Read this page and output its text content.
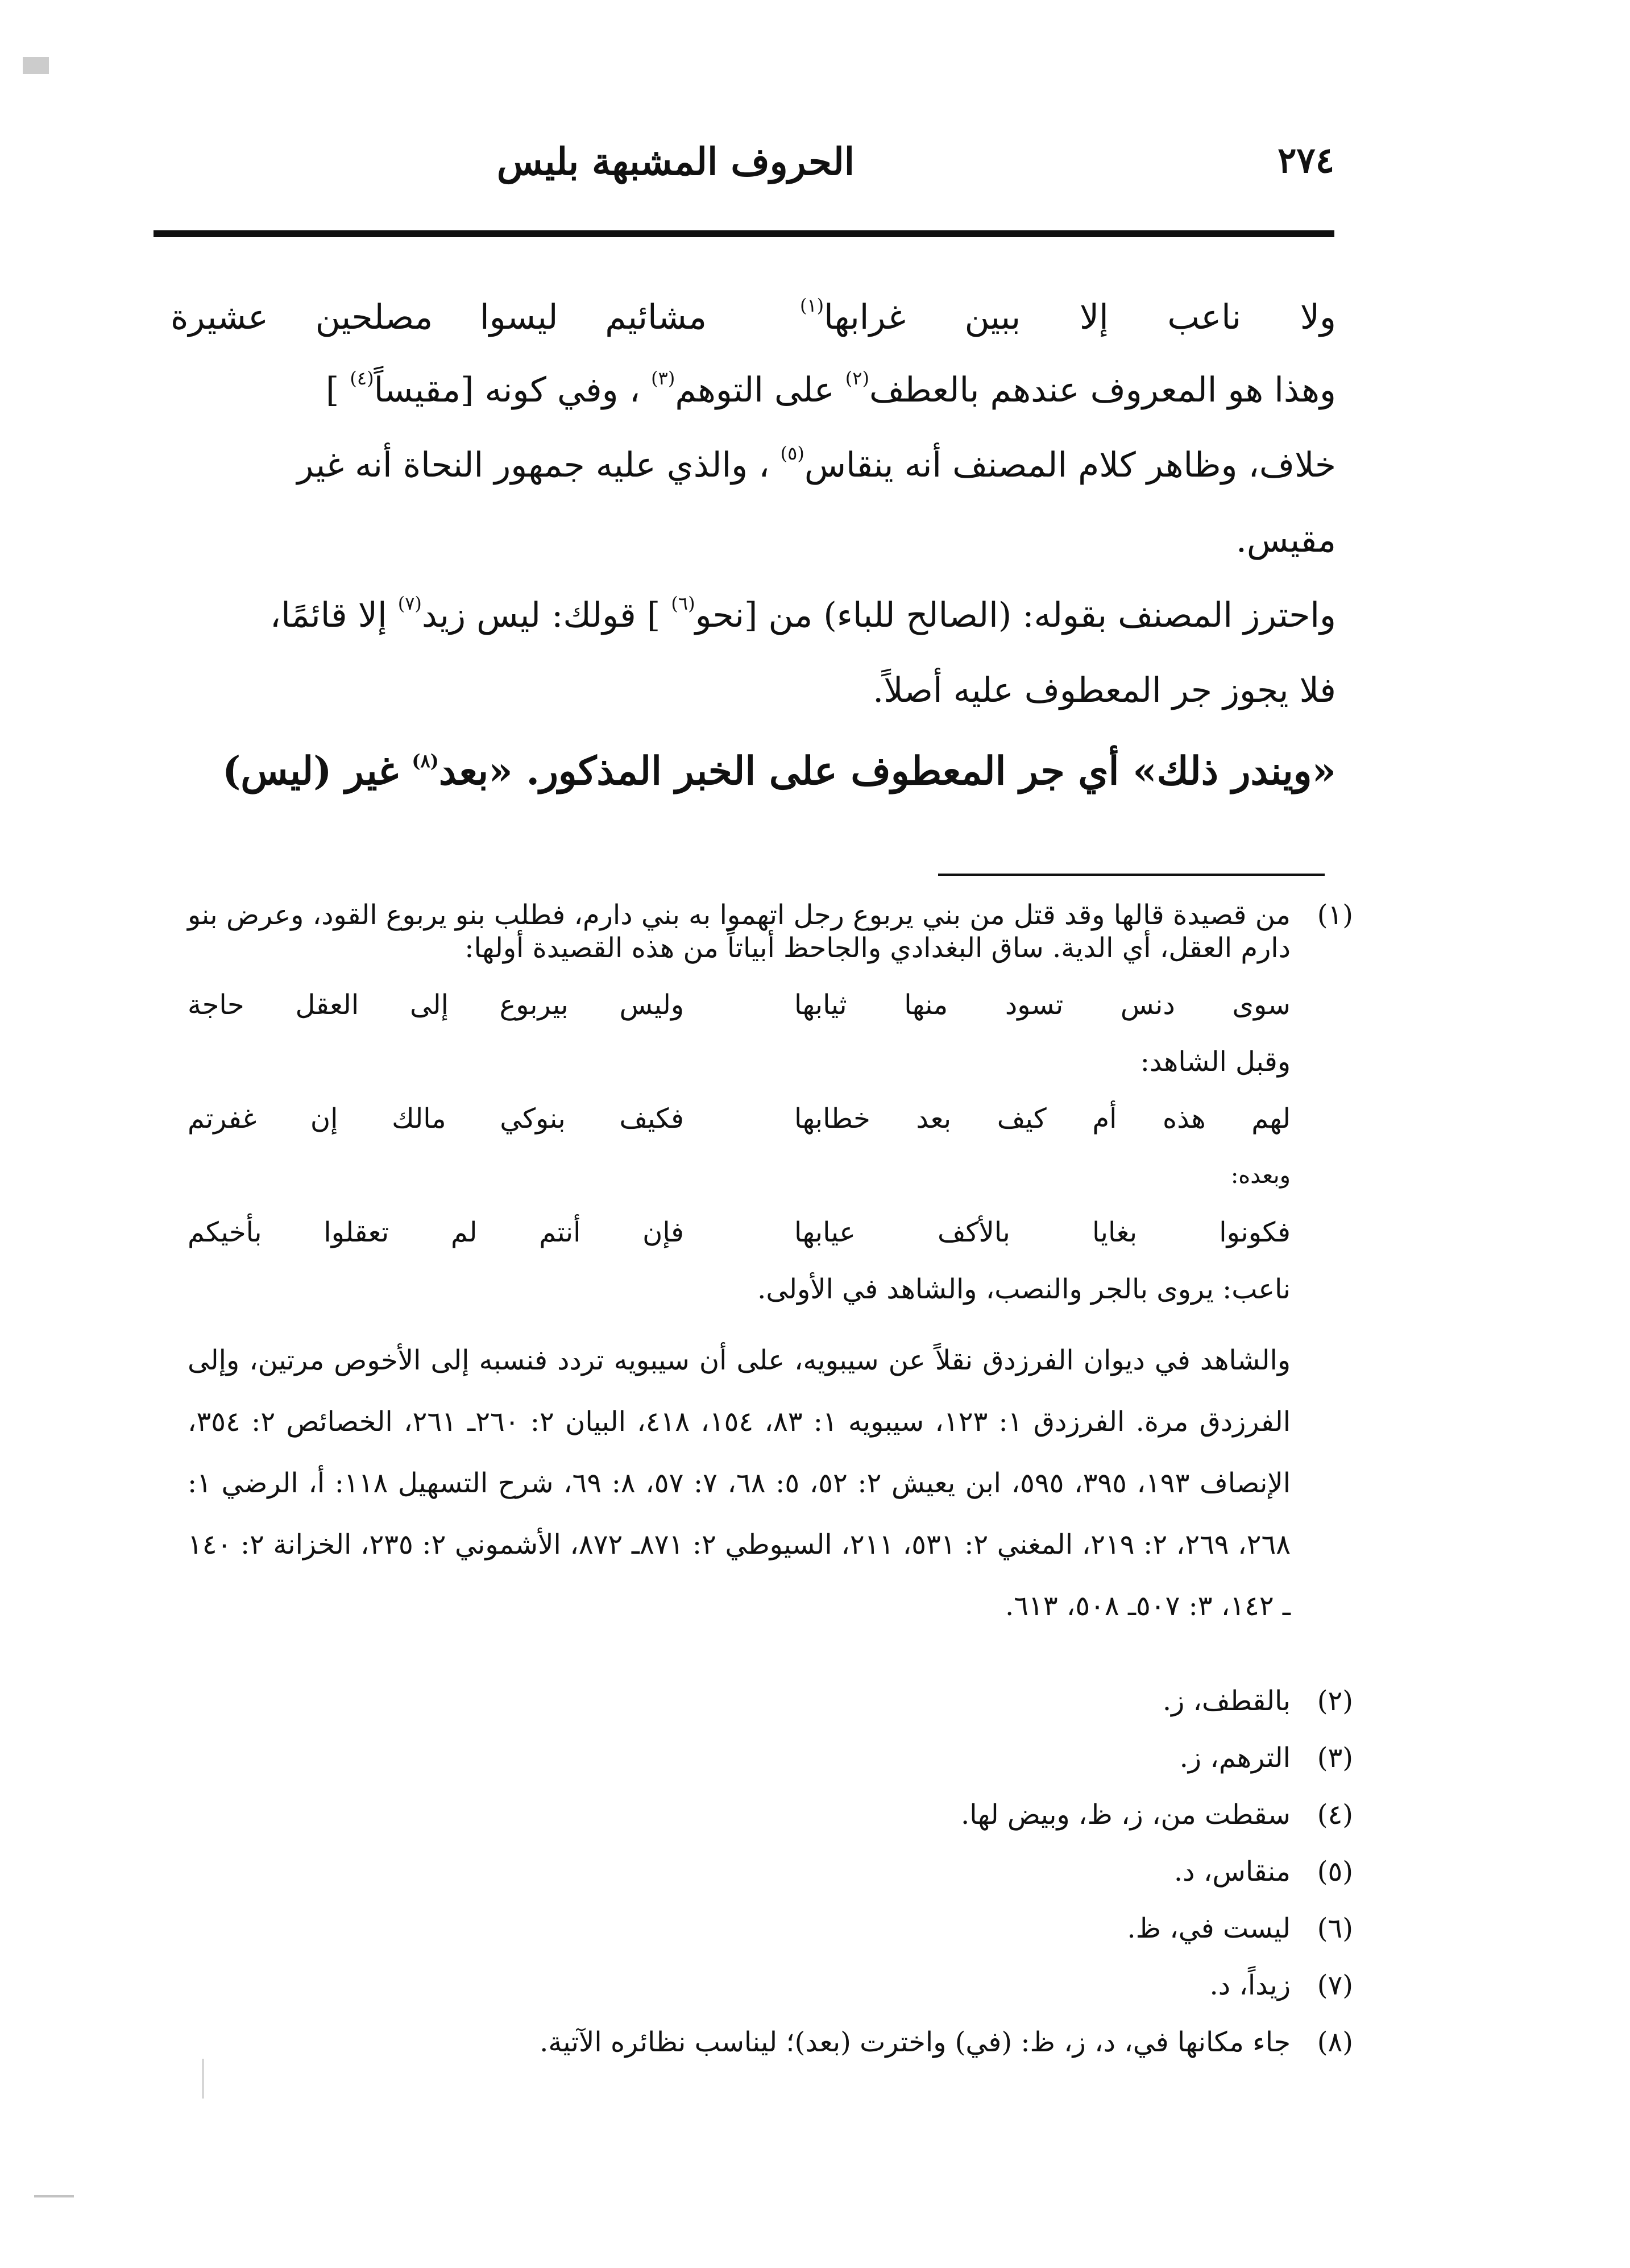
٢٧٤
الحروف المشبهة بليس
مشائيم ليسوا مصلحين عشيرة	ولا ناعب إلا ببين غرابها$^{(١)}$
وهذا هو المعروف عندهم بالعطف$^{(٢)}$ على التوهم$^{(٣)}$ ، وفي كونه [مقيساً$^{(٤)}$ ]
خلاف، وظاهر كلام المصنف أنه ينقاس$^{(٥)}$ ، والذي عليه جمهور النحاة أنه غير
مقيس.
واحترز المصنف بقوله: (الصالح للباء) من [نحو$^{(٦)}$ ] قولك: ليس زيد$^{(٧)}$ إلا قائمًا،
فلا يجوز جر المعطوف عليه أصلاً.
«ويندر ذلك» أي جر المعطوف على الخبر المذكور. «بعد$^{(٨)}$ غير (ليس)
(١)
من قصيدة قالها وقد قتل من بني يربوع رجل اتهموا به بني دارم، فطلب بنو يربوع القود، وعرض بنو دارم العقل، أي الدية. ساق البغدادي والجاحظ أبياتاً من هذه القصيدة أولها:
وليس بيربوع إلى العقل حاجة	سوى دنس تسود منها ثيابها
وقبل الشاهد:
فكيف بنوكي مالك إن غفرتم	لهم هذه أم كيف بعد خطابها
وبعده:
فإن أنتم لم تعقلوا بأخيكم	فكونوا بغايا بالأكف عيابها
ناعب: يروى بالجر والنصب، والشاهد في الأولى.
والشاهد في ديوان الفرزدق نقلاً عن سيبويه، على أن سيبويه تردد فنسبه إلى الأخوص مرتين، وإلى الفرزدق مرة. الفرزدق ١: ١٢٣، سيبويه ١: ٨٣، ١٥٤، ٤١٨، البيان ٢: ٢٦٠ـ ٢٦١، الخصائص ٢: ٣٥٤، الإنصاف ١٩٣، ٣٩٥، ٥٩٥، ابن يعيش ٢: ٥٢، ٥: ٦٨، ٧: ٥٧، ٨: ٦٩، شرح التسهيل ١١٨: أ، الرضي ١: ٢٦٨، ٢٦٩، ٢: ٢١٩، المغني ٢: ٥٣١، ٢١١، السيوطي ٢: ٨٧١ـ ٨٧٢، الأشموني ٢: ٢٣٥، الخزانة ٢: ١٤٠ ـ ١٤٢، ٣: ٥٠٧ـ ٥٠٨، ٦١٣.
(٢)
بالقطف، ز.
(٣)
الترهم، ز.
(٤)
سقطت من، ز، ظ، وبيض لها.
(٥)
منقاس، د.
(٦)
ليست في، ظ.
(٧)
زيداً، د.
(٨)
جاء مكانها في، د، ز، ظ: (في) واخترت (بعد)؛ ليناسب نظائره الآتية.
